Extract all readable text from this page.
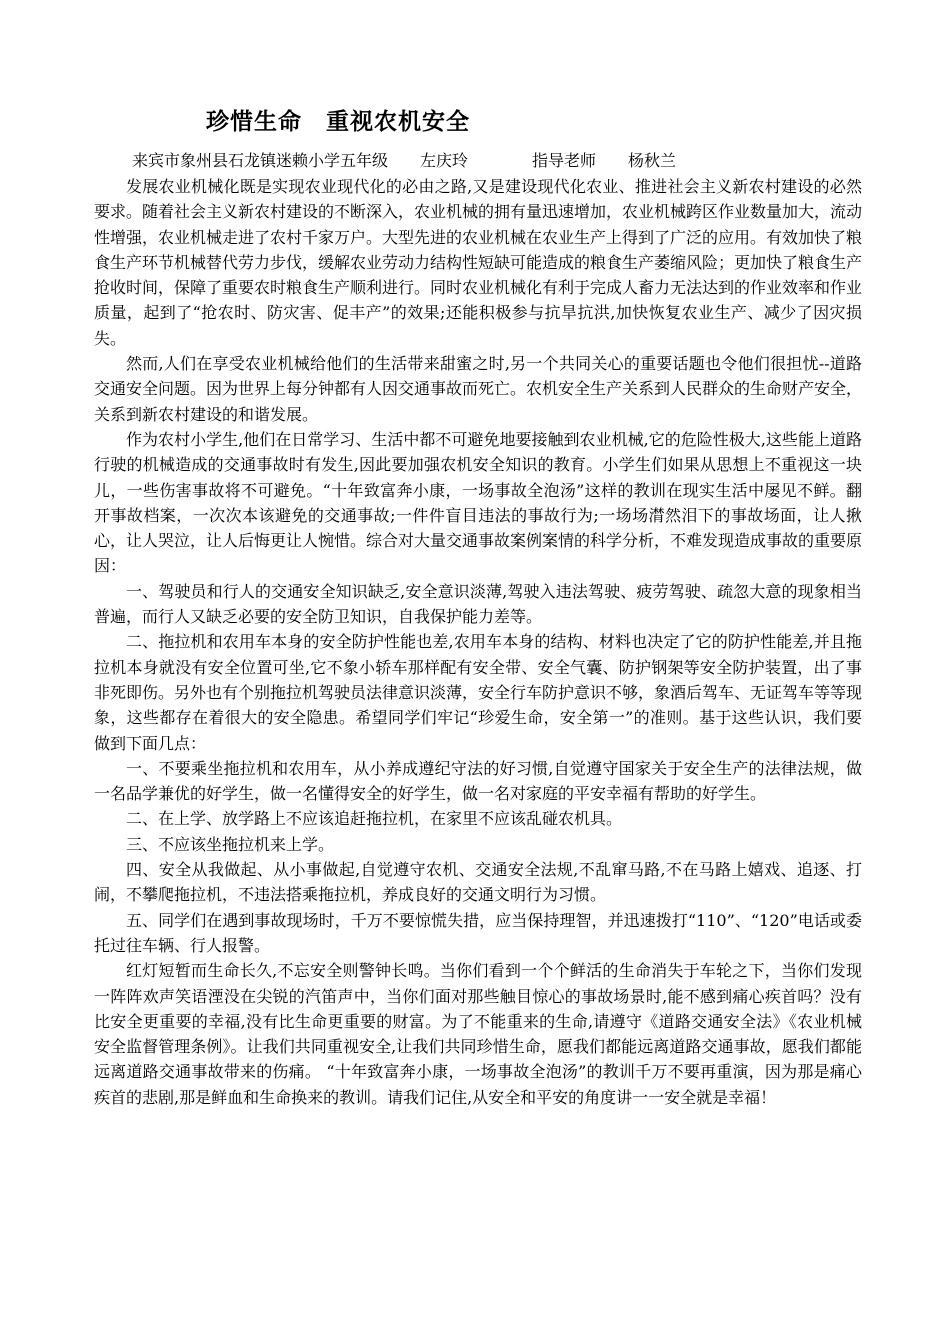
珍惜生命　重视农机安全
来宾市象州县石龙镇迷赖小学五年级　　左庆玲　　　　指导老师　　杨秋兰

发展农业机械化既是实现农业现代化的必由之路,又是建设现代化农业、推进社会主义新农村建设的必然要求。随着社会主义新农村建设的不断深入，农业机械的拥有量迅速增加，农业机械跨区作业数量加大，流动性增强，农业机械走进了农村千家万户。大型先进的农业机械在农业生产上得到了广泛的应用。有效加快了粮食生产环节机械替代劳力步伐，缓解农业劳动力结构性短缺可能造成的粮食生产萎缩风险；更加快了粮食生产抢收时间，保障了重要农时粮食生产顺利进行。同时农业机械化有利于完成人畜力无法达到的作业效率和作业质量，起到了“抢农时、防灾害、促丰产”的效果;还能积极参与抗旱抗洪,加快恢复农业生产、减少了因灾损失。

然而,人们在享受农业机械给他们的生活带来甜蜜之时,另一个共同关心的重要话题也令他们很担忧--道路交通安全问题。因为世界上每分钟都有人因交通事故而死亡。农机安全生产关系到人民群众的生命财产安全，关系到新农村建设的和谐发展。

作为农村小学生,他们在日常学习、生活中都不可避免地要接触到农业机械,它的危险性极大,这些能上道路行驶的机械造成的交通事故时有发生,因此要加强农机安全知识的教育。小学生们如果从思想上不重视这一块儿，一些伤害事故将不可避免。“十年致富奔小康，一场事故全泡汤”这样的教训在现实生活中屡见不鲜。翻开事故档案，一次次本该避免的交通事故;一件件盲目违法的事故行为;一场场潸然泪下的事故场面，让人揪心，让人哭泣，让人后悔更让人惋惜。综合对大量交通事故案例案情的科学分析，不难发现造成事故的重要原因：

一、驾驶员和行人的交通安全知识缺乏,安全意识淡薄,驾驶入违法驾驶、疲劳驾驶、疏忽大意的现象相当普遍，而行人又缺乏必要的安全防卫知识，自我保护能力差等。

二、拖拉机和农用车本身的安全防护性能也差,农用车本身的结构、材料也决定了它的防护性能差,并且拖拉机本身就没有安全位置可坐,它不象小轿车那样配有安全带、安全气囊、防护钢架等安全防护装置，出了事非死即伤。另外也有个别拖拉机驾驶员法律意识淡薄，安全行车防护意识不够，象酒后驾车、无证驾车等等现象，这些都存在着很大的安全隐患。希望同学们牢记“珍爱生命，安全第一”的准则。基于这些认识，我们要做到下面几点：

一、不要乘坐拖拉机和农用车，从小养成遵纪守法的好习惯,自觉遵守国家关于安全生产的法律法规，做一名品学兼优的好学生，做一名懂得安全的好学生，做一名对家庭的平安幸福有帮助的好学生。

二、在上学、放学路上不应该追赶拖拉机，在家里不应该乱碰农机具。

三、不应该坐拖拉机来上学。

四、安全从我做起、从小事做起,自觉遵守农机、交通安全法规,不乱窜马路,不在马路上嬉戏、追逐、打闹，不攀爬拖拉机，不违法搭乘拖拉机，养成良好的交通文明行为习惯。

五、同学们在遇到事故现场时，千万不要惊慌失措，应当保持理智，并迅速拨打“110”、“120”电话或委托过往车辆、行人报警。

红灯短暂而生命长久,不忘安全则警钟长鸣。当你们看到一个个鲜活的生命消失于车轮之下，当你们发现一阵阵欢声笑语湮没在尖锐的汽笛声中，当你们面对那些触目惊心的事故场景时,能不感到痛心疾首吗？没有比安全更重要的幸福,没有比生命更重要的财富。为了不能重来的生命,请遵守《道路交通安全法》《农业机械安全监督管理条例》。让我们共同重视安全,让我们共同珍惜生命，愿我们都能远离道路交通事故，愿我们都能远离道路交通事故带来的伤痛。 “十年致富奔小康，一场事故全泡汤”的教训千万不要再重演，因为那是痛心疾首的悲剧,那是鲜血和生命换来的教训。请我们记住,从安全和平安的角度讲一一安全就是幸福！
